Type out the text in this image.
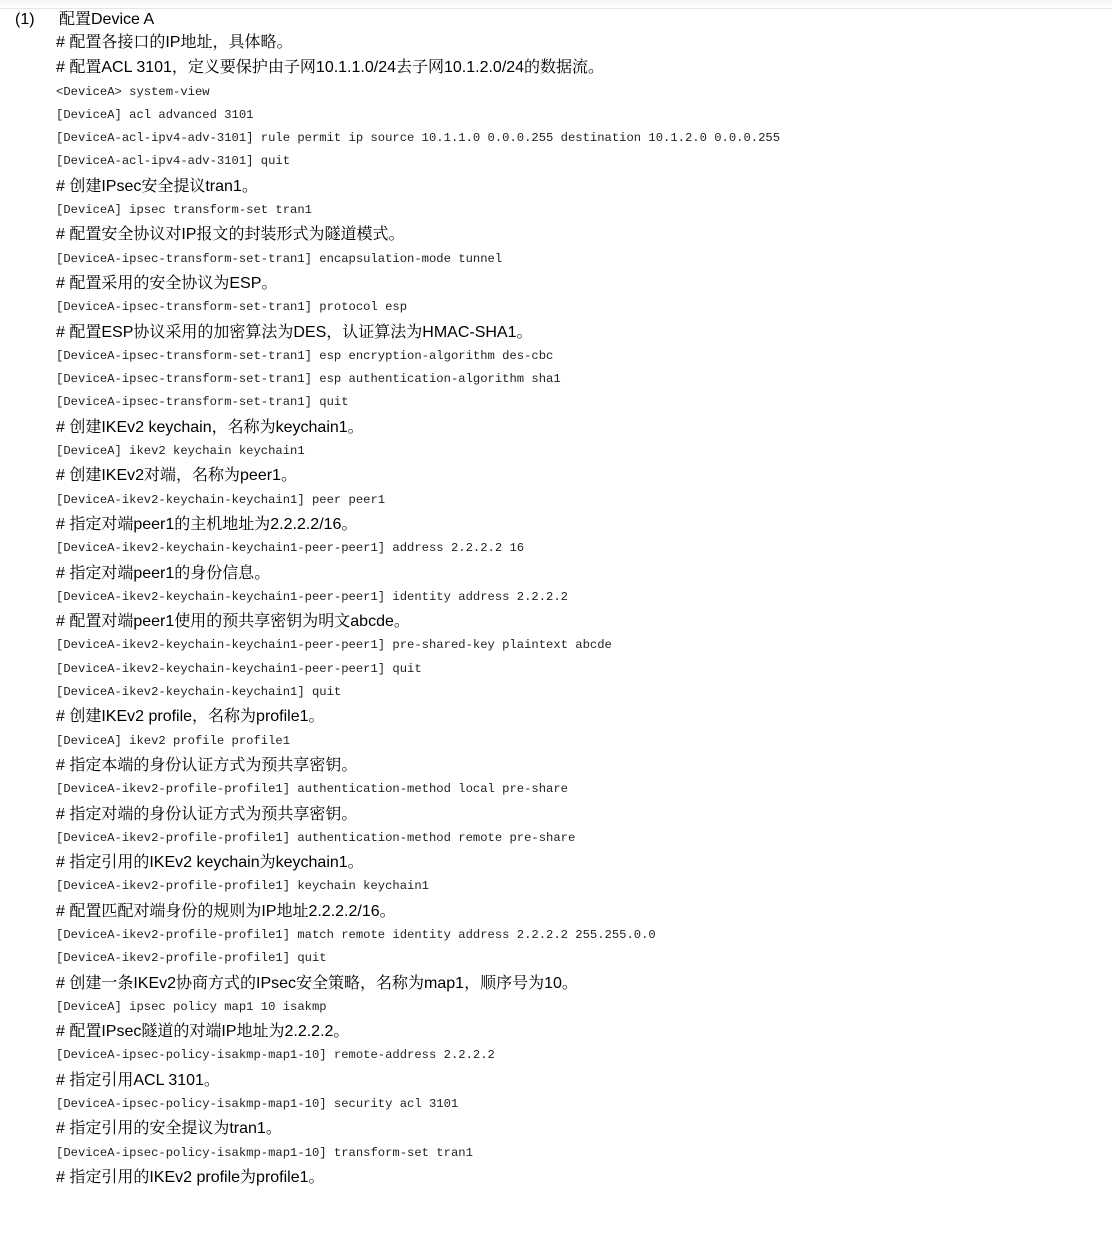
(1) 配置Device A
# 配置各接口的IP地址，具体略。
# 配置ACL 3101，定义要保护由子网10.1.1.0/24去子网10.1.2.0/24的数据流。
<DeviceA> system-view
[DeviceA] acl advanced 3101
[DeviceA-acl-ipv4-adv-3101] rule permit ip source 10.1.1.0 0.0.0.255 destination 10.1.2.0 0.0.0.255
[DeviceA-acl-ipv4-adv-3101] quit
# 创建IPsec安全提议tran1。
[DeviceA] ipsec transform-set tran1
# 配置安全协议对IP报文的封装形式为隧道模式。
[DeviceA-ipsec-transform-set-tran1] encapsulation-mode tunnel
# 配置采用的安全协议为ESP。
[DeviceA-ipsec-transform-set-tran1] protocol esp
# 配置ESP协议采用的加密算法为DES，认证算法为HMAC-SHA1。
[DeviceA-ipsec-transform-set-tran1] esp encryption-algorithm des-cbc
[DeviceA-ipsec-transform-set-tran1] esp authentication-algorithm sha1
[DeviceA-ipsec-transform-set-tran1] quit
# 创建IKEv2 keychain，名称为keychain1。
[DeviceA] ikev2 keychain keychain1
# 创建IKEv2对端，名称为peer1。
[DeviceA-ikev2-keychain-keychain1] peer peer1
# 指定对端peer1的主机地址为2.2.2.2/16。
[DeviceA-ikev2-keychain-keychain1-peer-peer1] address 2.2.2.2 16
# 指定对端peer1的身份信息。
[DeviceA-ikev2-keychain-keychain1-peer-peer1] identity address 2.2.2.2
# 配置对端peer1使用的预共享密钥为明文abcde。
[DeviceA-ikev2-keychain-keychain1-peer-peer1] pre-shared-key plaintext abcde
[DeviceA-ikev2-keychain-keychain1-peer-peer1] quit
[DeviceA-ikev2-keychain-keychain1] quit
# 创建IKEv2 profile，名称为profile1。
[DeviceA] ikev2 profile profile1
# 指定本端的身份认证方式为预共享密钥。
[DeviceA-ikev2-profile-profile1] authentication-method local pre-share
# 指定对端的身份认证方式为预共享密钥。
[DeviceA-ikev2-profile-profile1] authentication-method remote pre-share
# 指定引用的IKEv2 keychain为keychain1。
[DeviceA-ikev2-profile-profile1] keychain keychain1
# 配置匹配对端身份的规则为IP地址2.2.2.2/16。
[DeviceA-ikev2-profile-profile1] match remote identity address 2.2.2.2 255.255.0.0
[DeviceA-ikev2-profile-profile1] quit
# 创建一条IKEv2协商方式的IPsec安全策略，名称为map1，顺序号为10。
[DeviceA] ipsec policy map1 10 isakmp
# 配置IPsec隧道的对端IP地址为2.2.2.2。
[DeviceA-ipsec-policy-isakmp-map1-10] remote-address 2.2.2.2
# 指定引用ACL 3101。
[DeviceA-ipsec-policy-isakmp-map1-10] security acl 3101
# 指定引用的安全提议为tran1。
[DeviceA-ipsec-policy-isakmp-map1-10] transform-set tran1
# 指定引用的IKEv2 profile为profile1。
